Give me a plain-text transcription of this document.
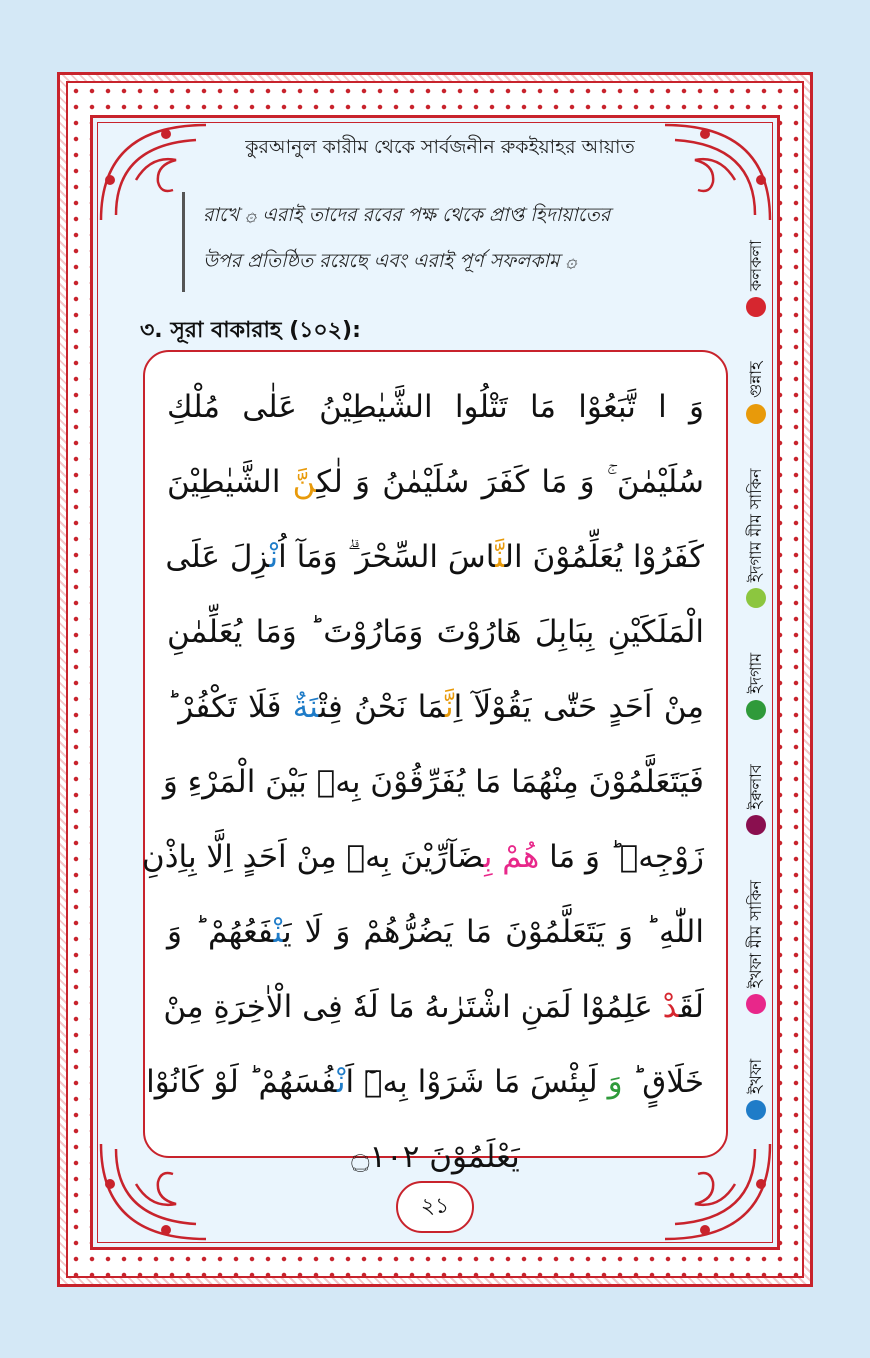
কুরআনুল কারীম থেকে সার্বজনীন রুকইয়াহর আয়াত
রাখে ۞ এরাই তাদের রবের পক্ষ থেকে প্রাপ্ত হিদায়াতের
উপর প্রতিষ্ঠিত রয়েছে এবং এরাই পূর্ণ সফলকাম ۞
৩. সূরা বাকারাহ (১০২):
وَ ا تَّبَعُوْا مَا تَتْلُوا الشَّيٰطِيْنُ عَلٰى مُلْكِ
سُلَيْمٰنَ ۚ وَ مَا كَفَرَ سُلَيْمٰنُ وَ لٰكِنَّ الشَّيٰطِيْنَ
كَفَرُوْا يُعَلِّمُوْنَ النَّاسَ السِّحْرَ ۗ وَمَآ اُنْزِلَ عَلَى
الْمَلَكَيْنِ بِبَابِلَ هَارُوْتَ وَمَارُوْتَ ؕ وَمَا يُعَلِّمٰنِ
مِنْ اَحَدٍ حَتّٰى يَقُوْلَآ اِنَّمَا نَحْنُ فِتْنَةٌ فَلَا تَكْفُرْ ؕ
فَيَتَعَلَّمُوْنَ مِنْهُمَا مَا يُفَرِّقُوْنَ بِهٖ بَيْنَ الْمَرْءِ وَ
زَوْجِهٖ ؕ وَ مَا هُمْ بِضَآرِّيْنَ بِهٖ مِنْ اَحَدٍ اِلَّا بِاِذْنِ
اللّٰهِ ؕ وَ يَتَعَلَّمُوْنَ مَا يَضُرُّهُمْ وَ لَا يَنْفَعُهُمْ ؕ وَ
لَقَدْ عَلِمُوْا لَمَنِ اشْتَرٰىهُ مَا لَهٗ فِى الْاٰخِرَةِ مِنْ
خَلَاقٍ ؕ وَ لَبِئْسَ مَا شَرَوْا بِهٖٓ اَنْفُسَهُمْ ؕ لَوْ كَانُوْا
يَعْلَمُوْنَ ۝١٠٢
ইখফা
ইখফা মীম সাকিন
ইক্বলাব
ইদগাম
ইদগাম মীম সাকিন
গুন্নাহ
কলকলা
২১
